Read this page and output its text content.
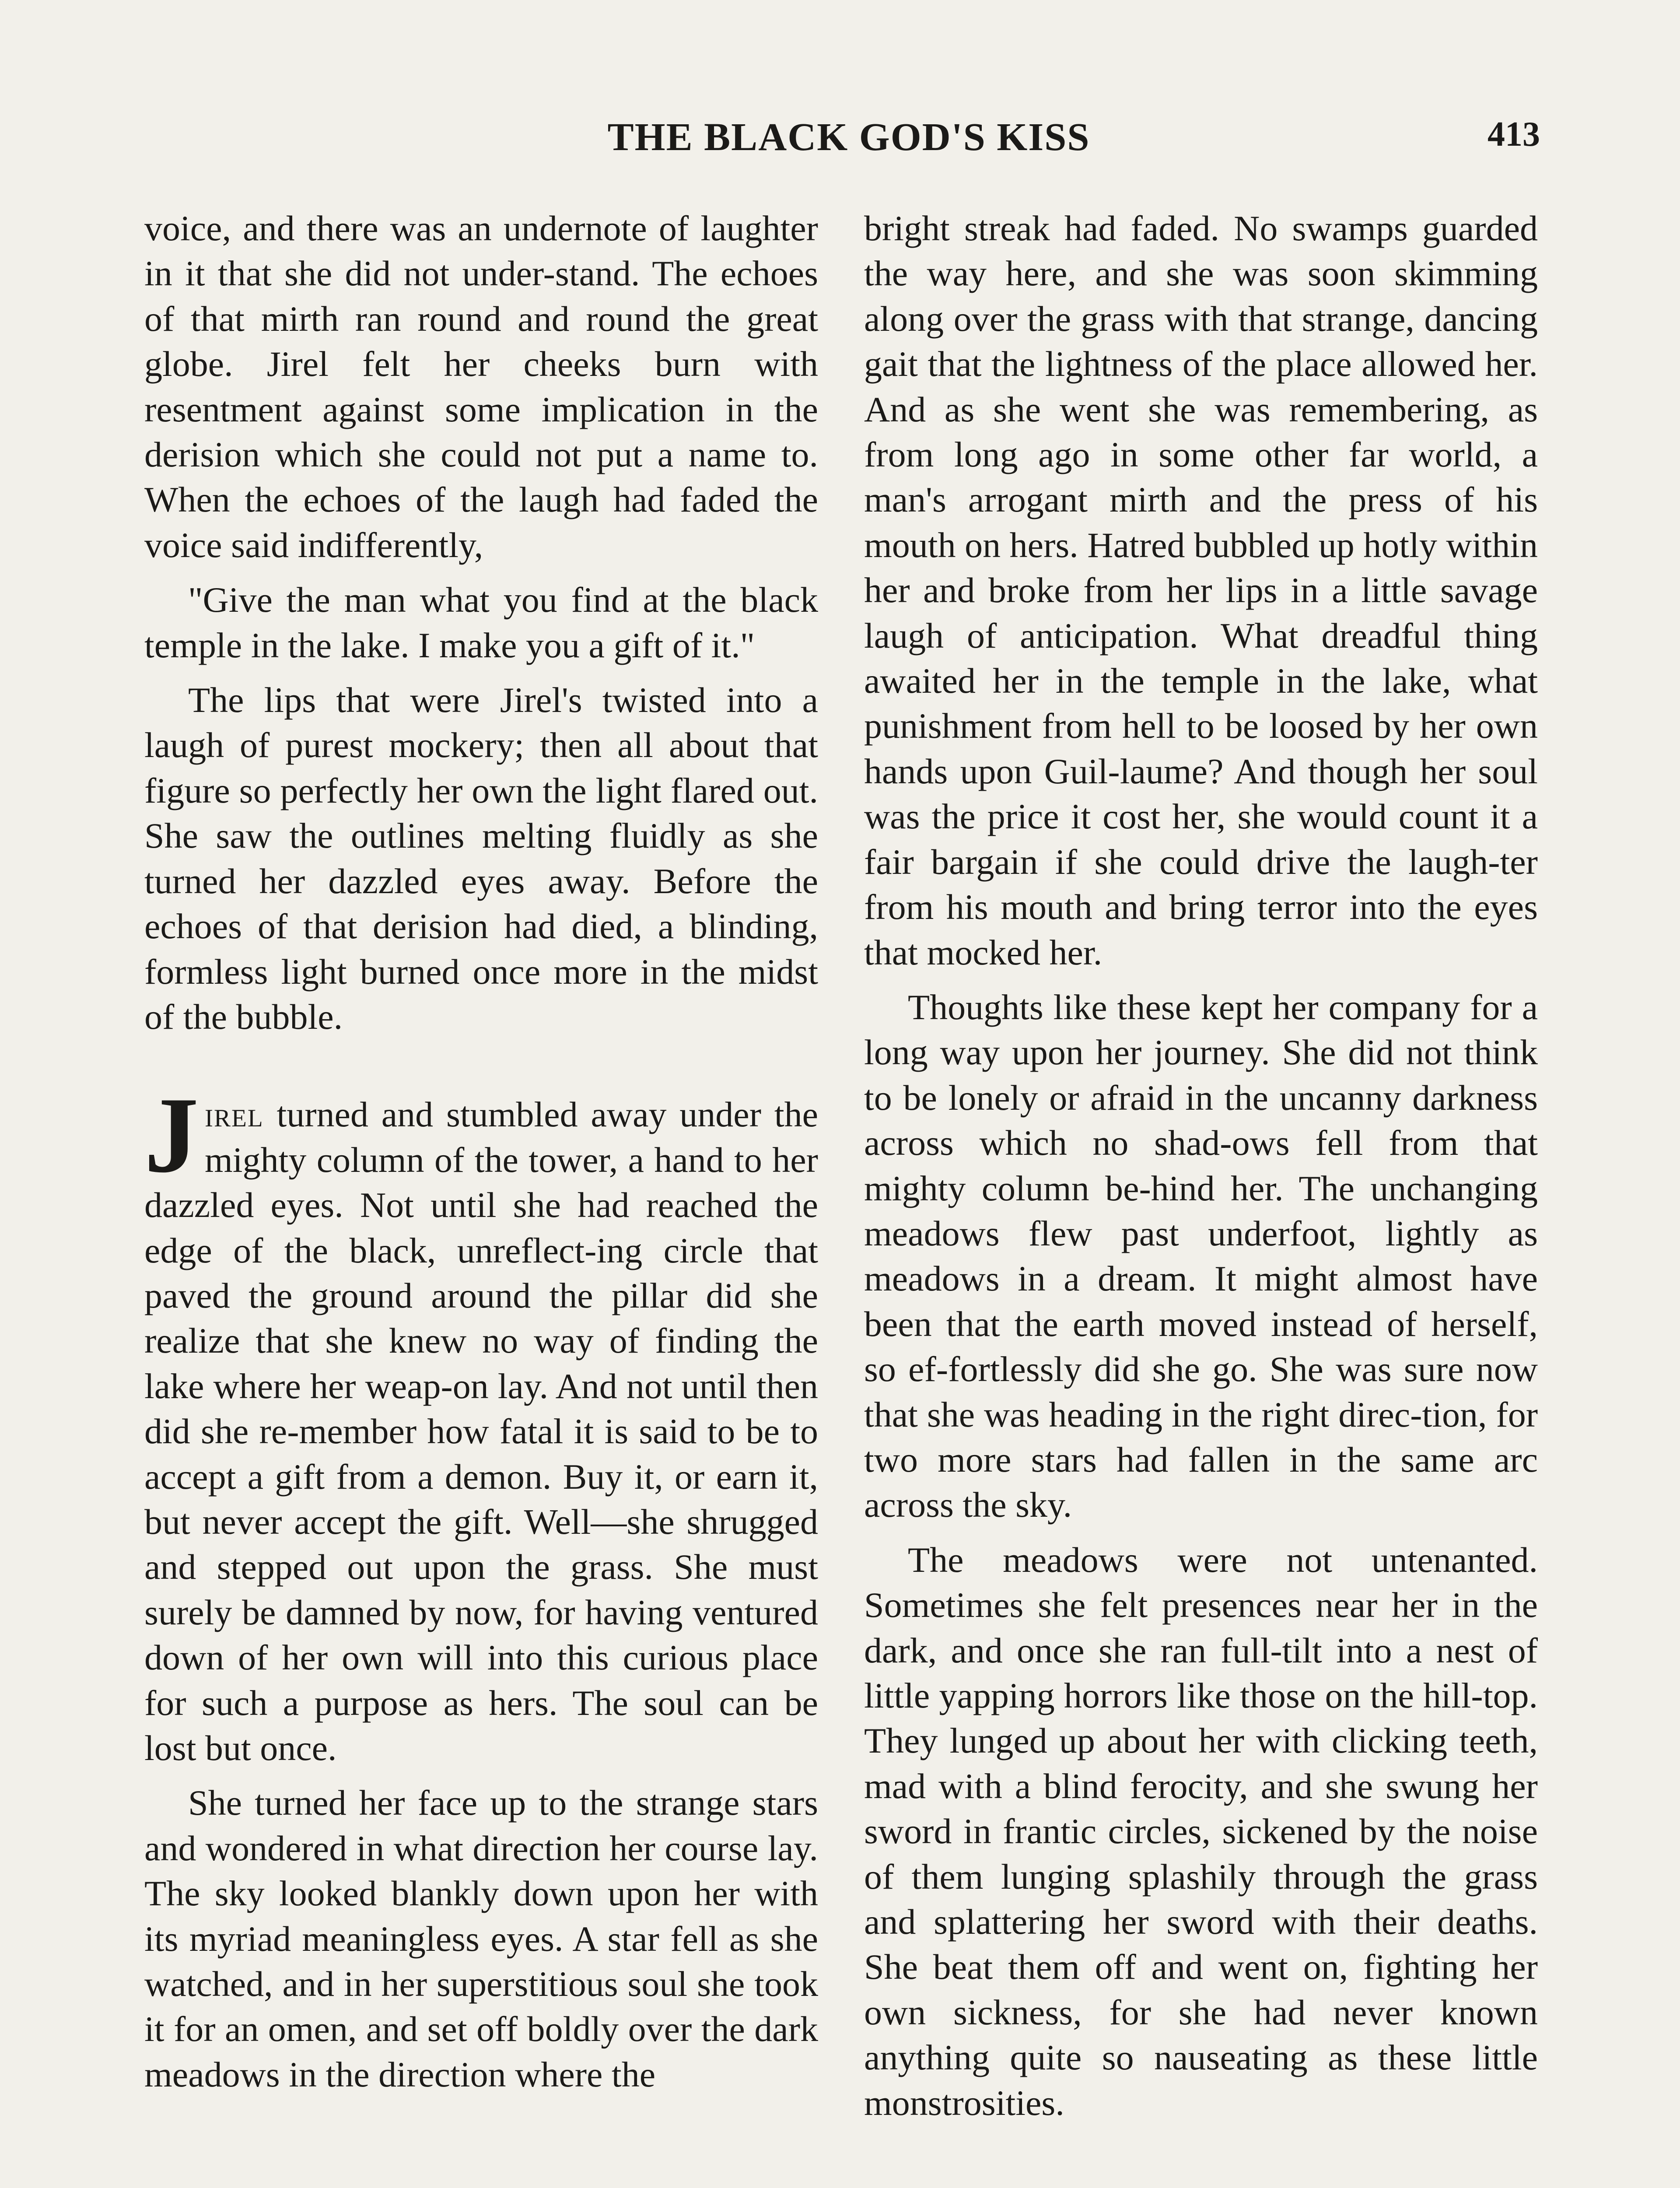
THE BLACK GOD'S KISS	413

voice, and there was an undernote of laughter in it that she did not under-stand. The echoes of that mirth ran round and round the great globe. Jirel felt her cheeks burn with resentment against some implication in the derision which she could not put a name to. When the echoes of the laugh had faded the voice said indifferently,

"Give the man what you find at the black temple in the lake. I make you a gift of it."

The lips that were Jirel's twisted into a laugh of purest mockery; then all about that figure so perfectly her own the light flared out. She saw the outlines melting fluidly as she turned her dazzled eyes away. Before the echoes of that derision had died, a blinding, formless light burned once more in the midst of the bubble.

Jirel turned and stumbled away under the mighty column of the tower, a hand to her dazzled eyes. Not until she had reached the edge of the black, unreflect-ing circle that paved the ground around the pillar did she realize that she knew no way of finding the lake where her weap-on lay. And not until then did she re-member how fatal it is said to be to accept a gift from a demon. Buy it, or earn it, but never accept the gift. Well—she shrugged and stepped out upon the grass. She must surely be damned by now, for having ventured down of her own will into this curious place for such a purpose as hers. The soul can be lost but once.

She turned her face up to the strange stars and wondered in what direction her course lay. The sky looked blankly down upon her with its myriad meaningless eyes. A star fell as she watched, and in her superstitious soul she took it for an omen, and set off boldly over the dark meadows in the direction where the

bright streak had faded. No swamps guarded the way here, and she was soon skimming along over the grass with that strange, dancing gait that the lightness of the place allowed her. And as she went she was remembering, as from long ago in some other far world, a man's arrogant mirth and the press of his mouth on hers. Hatred bubbled up hotly within her and broke from her lips in a little savage laugh of anticipation. What dreadful thing awaited her in the temple in the lake, what punishment from hell to be loosed by her own hands upon Guil-laume? And though her soul was the price it cost her, she would count it a fair bargain if she could drive the laugh-ter from his mouth and bring terror into the eyes that mocked her.

Thoughts like these kept her company for a long way upon her journey. She did not think to be lonely or afraid in the uncanny darkness across which no shad-ows fell from that mighty column be-hind her. The unchanging meadows flew past underfoot, lightly as meadows in a dream. It might almost have been that the earth moved instead of herself, so ef-fortlessly did she go. She was sure now that she was heading in the right direc-tion, for two more stars had fallen in the same arc across the sky.

The meadows were not untenanted. Sometimes she felt presences near her in the dark, and once she ran full-tilt into a nest of little yapping horrors like those on the hill-top. They lunged up about her with clicking teeth, mad with a blind ferocity, and she swung her sword in frantic circles, sickened by the noise of them lunging splashily through the grass and splattering her sword with their deaths. She beat them off and went on, fighting her own sickness, for she had never known anything quite so nauseating as these little monstrosities.
